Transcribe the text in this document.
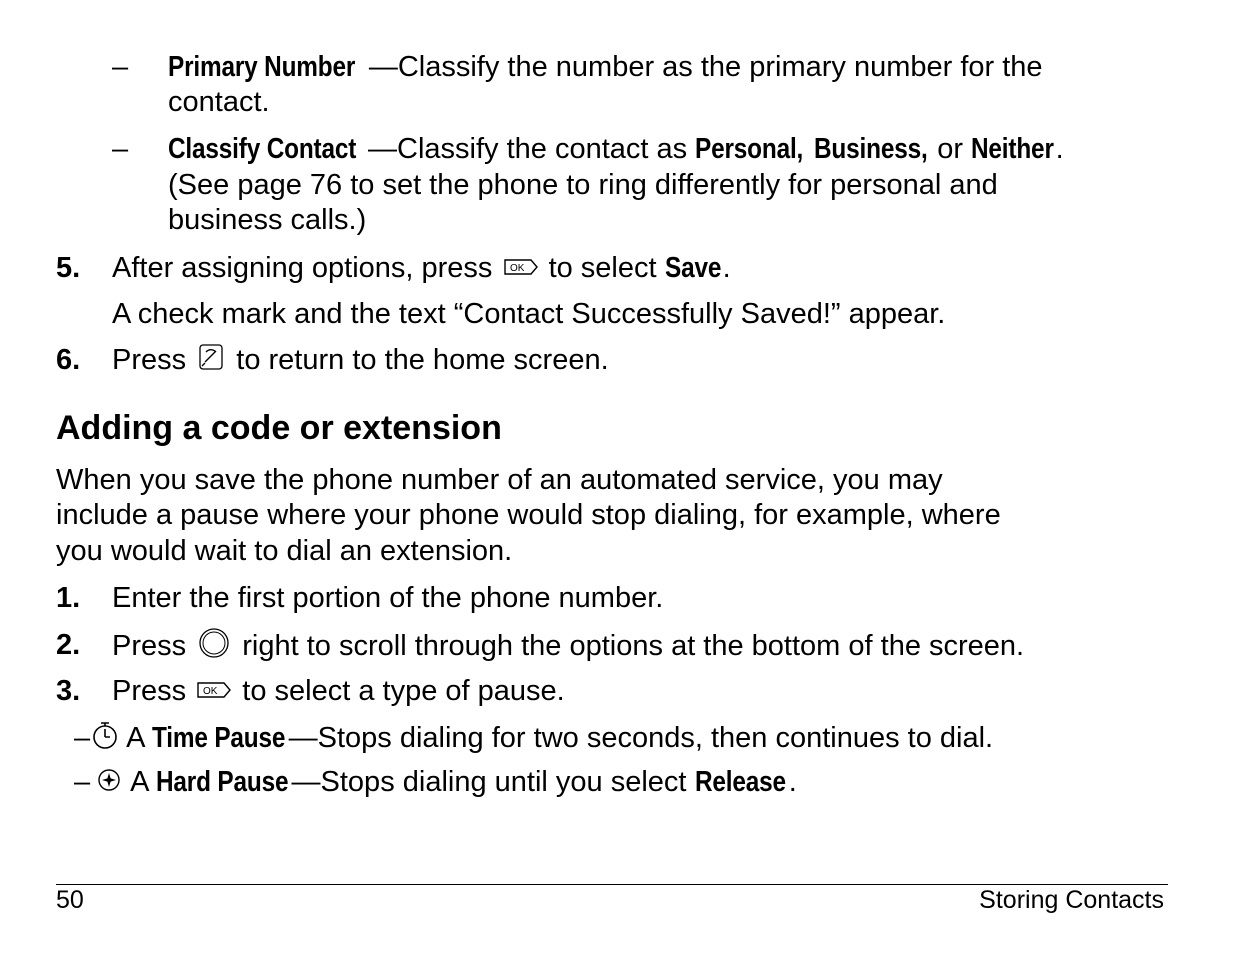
– Primary Number —Classify the number as the primary number for the
contact.
– Classify Contact —Classify the contact as Personal, Business, or Neither.
(See page 76 to set the phone to ring differently for personal and
business calls.)
5. After assigning options, press OK to select Save.
A check mark and the text “Contact Successfully Saved!” appear.
6. Press to return to the home screen.
Adding a code or extension
When you save the phone number of an automated service, you may
include a pause where your phone would stop dialing, for example, where
you would wait to dial an extension.
1. Enter the first portion of the phone number.
2. Press right to scroll through the options at the bottom of the screen.
3. Press OK to select a type of pause.
– A Time Pause —Stops dialing for two seconds, then continues to dial.
– A Hard Pause —Stops dialing until you select Release .
50	Storing Contacts
